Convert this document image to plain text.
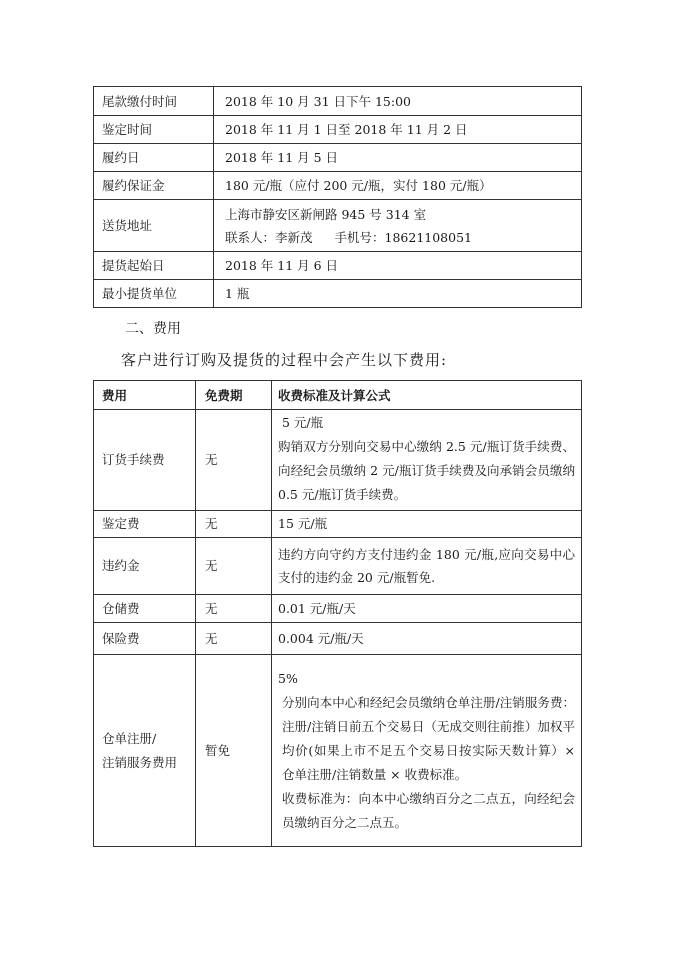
尾款缴付时间	2018 年 10 月 31 日下午 15:00
鉴定时间	2018 年 11 月 1 日至 2018 年 11 月 2 日
履约日	2018 年 11 月 5 日
履约保证金	180 元/瓶（应付 200 元/瓶，实付 180 元/瓶）
送货地址	上海市静安区新闸路 945 号 314 室
联系人：李新茂 手机号：18621108051

提货起始日	2018 年 11 月 6 日
最小提货单位	1 瓶
二、费用
客户进行订购及提货的过程中会产生以下费用:
费用	免费期	收费标准及计算公式
订货手续费	无	5 元/瓶
购销双方分别向交易中心缴纳 2.5 元/瓶订货手续费、向经纪会员缴纳 2 元/瓶订货手续费及向承销会员缴纳 0.5 元/瓶订货手续费。

鉴定费	无	15 元/瓶
违约金	无	违约方向守约方支付违约金 180 元/瓶,应向交易中心支付的违约金 20 元/瓶暂免.
仓储费	无	0.01 元/瓶/天
保险费	无	0.004 元/瓶/天

仓单注册/
注销服务费用	暂免	5%
分别向本中心和经纪会员缴纳仓单注册/注销服务费：注册/注销日前五个交易日（无成交则往前推）加权平均价(如果上市不足五个交易日按实际天数计算）× 仓单注册/注销数量 × 收费标准。
收费标准为：向本中心缴纳百分之二点五，向经纪会员缴纳百分之二点五。
